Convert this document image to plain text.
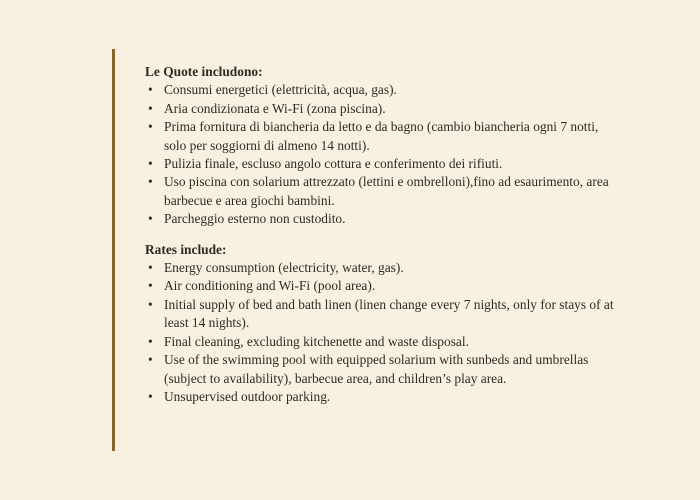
Le Quote includono:

• Consumi energetici (elettricità, acqua, gas).
• Aria condizionata e Wi-Fi (zona piscina).
• Prima fornitura di biancheria da letto e da bagno (cambio biancheria ogni 7 notti, solo per soggiorni di almeno 14 notti).
• Pulizia finale, escluso angolo cottura e conferimento dei rifiuti.
• Uso piscina con solarium attrezzato (lettini e ombrelloni),fino ad esaurimento, area barbecue e area giochi bambini.
• Parcheggio esterno non custodito.

Rates include:

• Energy consumption (electricity, water, gas).
• Air conditioning and Wi-Fi (pool area).
• Initial supply of bed and bath linen (linen change every 7 nights, only for stays of at least 14 nights).
• Final cleaning, excluding kitchenette and waste disposal.
• Use of the swimming pool with equipped solarium with sunbeds and umbrellas (subject to availability), barbecue area, and children’s play area.
• Unsupervised outdoor parking.
